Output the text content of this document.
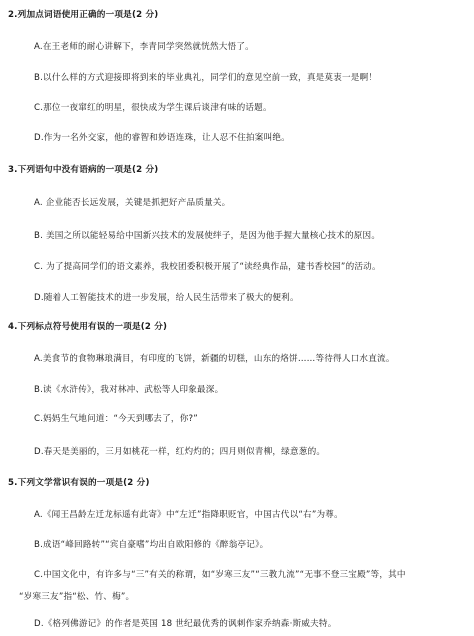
2.列加点词语使用正确的一项是(2 分)
A.在王老师的耐心讲解下，李青同学突然就恍然大悟了。
B.以什么样的方式迎接即将到来的毕业典礼，同学们的意见空前一致，真是莫衷一是啊！
C.那位一夜窜红的明星，很快成为学生课后谈津有味的话题。
D.作为一名外交家，他的睿智和妙语连珠，让人忍不住拍案叫绝。
3.下列语句中没有语病的一项是(2 分)
A. 企业能否长远发展，关键是抓把好产品质量关。
B. 美国之所以能轻易给中国新兴技术的发展使绊子，是因为他手握大量核心技术的原因。
C. 为了提高同学们的语文素养，我校团委积极开展了“读经典作品，建书香校园”的活动。
D.随着人工智能技术的进一步发展，给人民生活带来了极大的便利。
4.下列标点符号使用有误的一项是(2 分)
A.美食节的食物琳琅满目，有印度的飞饼，新疆的切糕，山东的烙饼……等待得人口水直流。
B.读《水浒传》，我对林冲、武松等人印象最深。
C.妈妈生气地问道：“今天到哪去了，你?”
D.春天是美丽的，三月如桃花一样，红灼灼的；四月则似青柳，绿意葱的。
5.下列文学常识有误的一项是(2 分)
A.《闻王昌龄左迁龙标遥有此寄》中“左迁”指降职贬官，中国古代以“右”为尊。
B.成语“峰回路转”“宾自豪嗜”均出自欧阳修的《醉翁亭记》。
C.中国文化中，有许多与“三”有关的称谓，如“岁寒三友”“三教九流”“无事不登三宝殿”等，其中
“岁寒三友”指“松、竹、梅”。
D.《格列佛游记》的作者是英国 18 世纪最优秀的讽刺作家乔纳森·斯威夫特。
